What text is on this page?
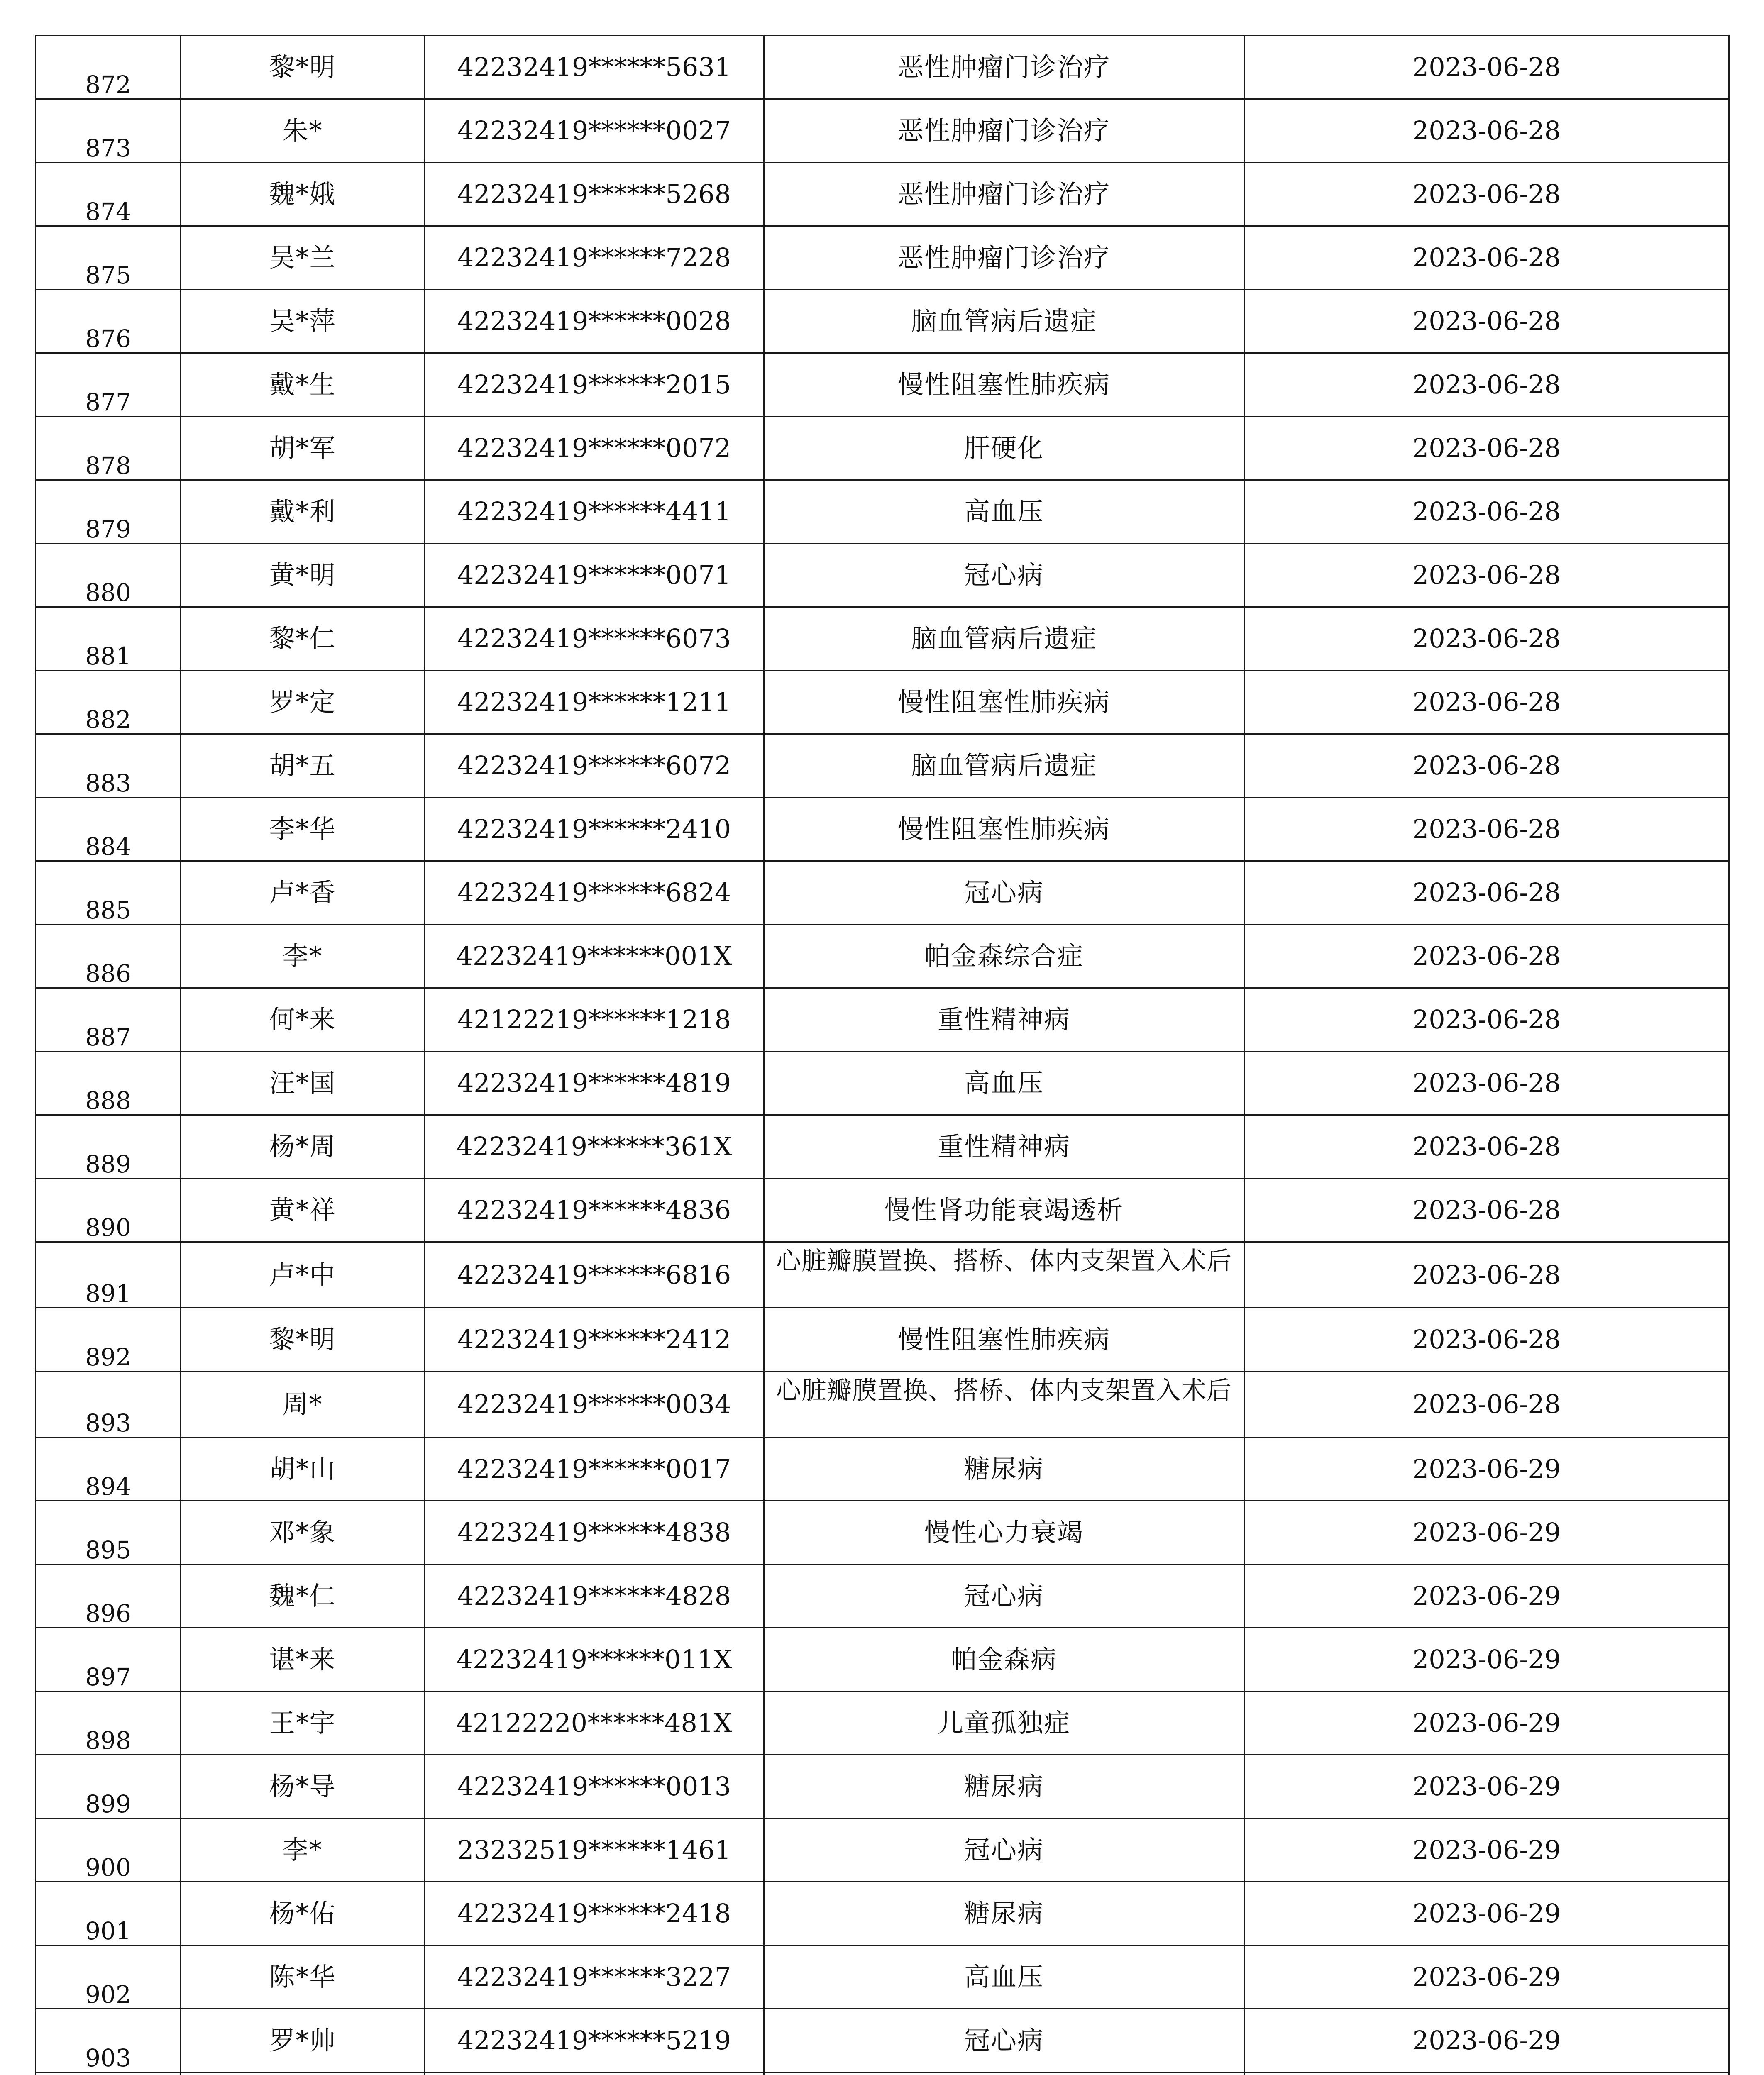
872	黎*明	42232419******5631	恶性肿瘤门诊治疗	2023-06-28
873	朱*	42232419******0027	恶性肿瘤门诊治疗	2023-06-28
874	魏*娥	42232419******5268	恶性肿瘤门诊治疗	2023-06-28
875	吴*兰	42232419******7228	恶性肿瘤门诊治疗	2023-06-28
876	吴*萍	42232419******0028	脑血管病后遗症	2023-06-28
877	戴*生	42232419******2015	慢性阻塞性肺疾病	2023-06-28
878	胡*军	42232419******0072	肝硬化	2023-06-28
879	戴*利	42232419******4411	高血压	2023-06-28
880	黄*明	42232419******0071	冠心病	2023-06-28
881	黎*仁	42232419******6073	脑血管病后遗症	2023-06-28
882	罗*定	42232419******1211	慢性阻塞性肺疾病	2023-06-28
883	胡*五	42232419******6072	脑血管病后遗症	2023-06-28
884	李*华	42232419******2410	慢性阻塞性肺疾病	2023-06-28
885	卢*香	42232419******6824	冠心病	2023-06-28
886	李*	42232419******001X	帕金森综合症	2023-06-28
887	何*来	42122219******1218	重性精神病	2023-06-28
888	汪*国	42232419******4819	高血压	2023-06-28
889	杨*周	42232419******361X	重性精神病	2023-06-28
890	黄*祥	42232419******4836	慢性肾功能衰竭透析	2023-06-28
891	卢*中	42232419******6816	心脏瓣膜置换、搭桥、体内支架置入术后	2023-06-28
892	黎*明	42232419******2412	慢性阻塞性肺疾病	2023-06-28
893	周*	42232419******0034	心脏瓣膜置换、搭桥、体内支架置入术后	2023-06-28
894	胡*山	42232419******0017	糖尿病	2023-06-29
895	邓*象	42232419******4838	慢性心力衰竭	2023-06-29
896	魏*仁	42232419******4828	冠心病	2023-06-29
897	谌*来	42232419******011X	帕金森病	2023-06-29
898	王*宇	42122220******481X	儿童孤独症	2023-06-29
899	杨*导	42232419******0013	糖尿病	2023-06-29
900	李*	23232519******1461	冠心病	2023-06-29
901	杨*佑	42232419******2418	糖尿病	2023-06-29
902	陈*华	42232419******3227	高血压	2023-06-29
903	罗*帅	42232419******5219	冠心病	2023-06-29
